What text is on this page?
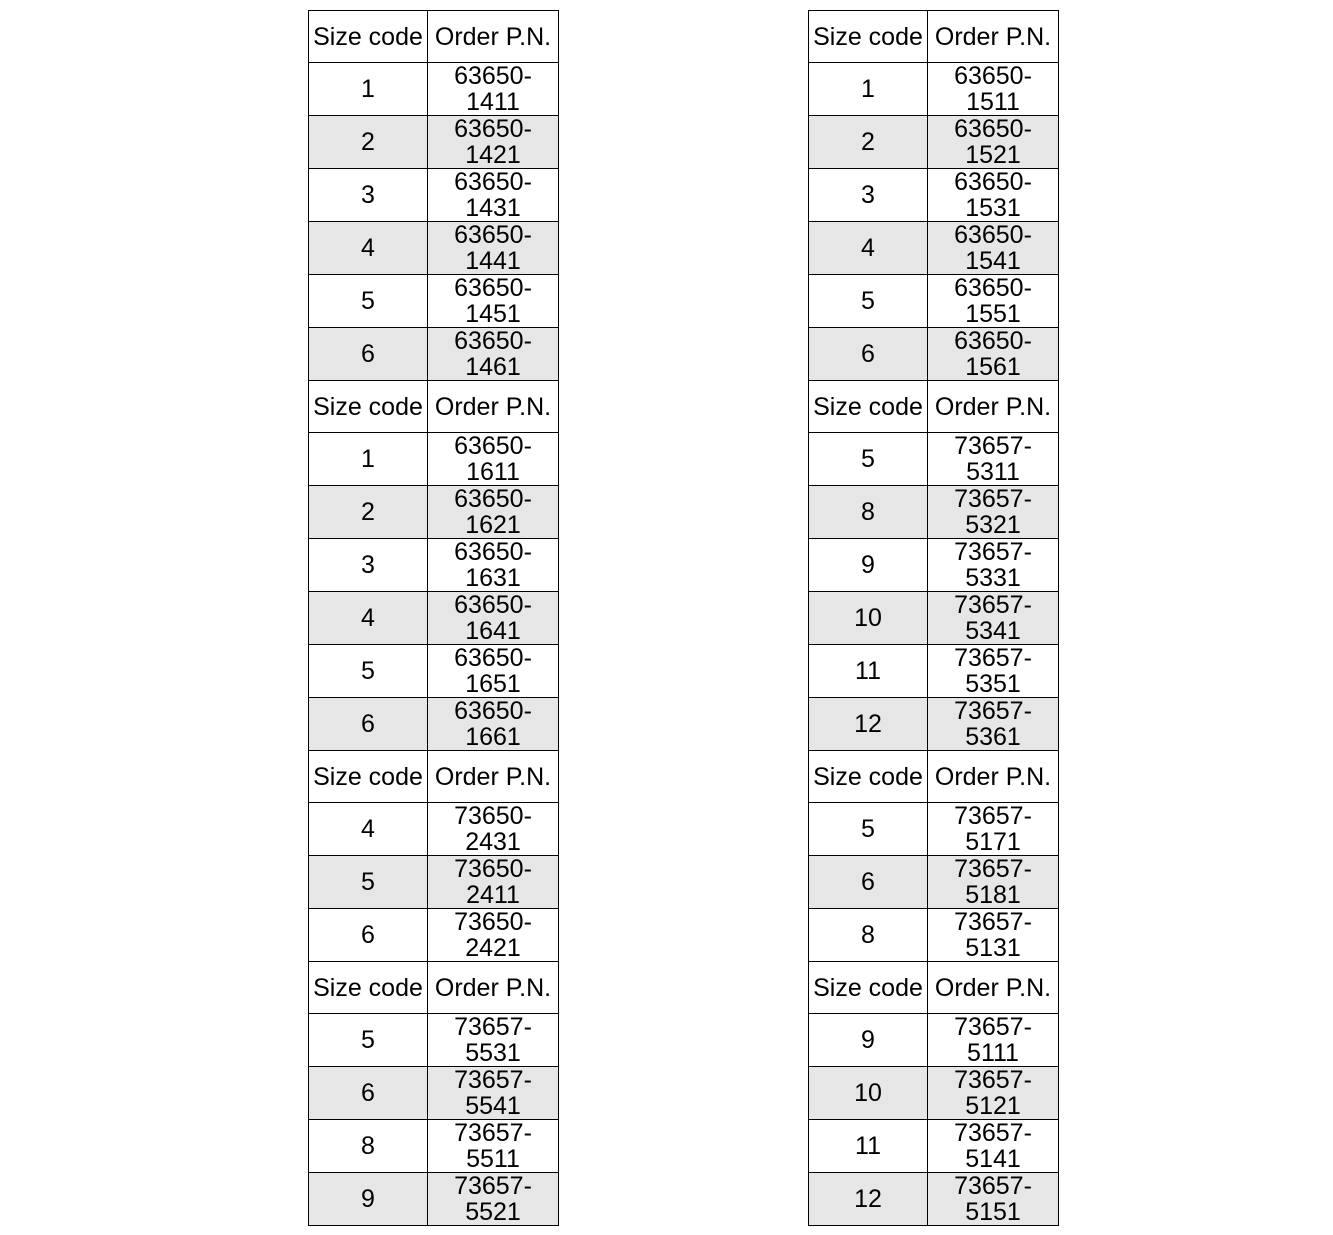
Size code	Order P.N.
1	63650-1411
2	63650-1421
3	63650-1431
4	63650-1441
5	63650-1451
6	63650-1461
Size code	Order P.N.
1	63650-1611
2	63650-1621
3	63650-1631
4	63650-1641
5	63650-1651
6	63650-1661
Size code	Order P.N.
4	73650-2431
5	73650-2411
6	73650-2421
Size code	Order P.N.
5	73657-5531
6	73657-5541
8	73657-5511
9	73657-5521
Size code	Order P.N.
1	63650-1511
2	63650-1521
3	63650-1531
4	63650-1541
5	63650-1551
6	63650-1561
Size code	Order P.N.
5	73657-5311
8	73657-5321
9	73657-5331
10	73657-5341
11	73657-5351
12	73657-5361
Size code	Order P.N.
5	73657-5171
6	73657-5181
8	73657-5131
Size code	Order P.N.
9	73657-5111
10	73657-5121
11	73657-5141
12	73657-5151
